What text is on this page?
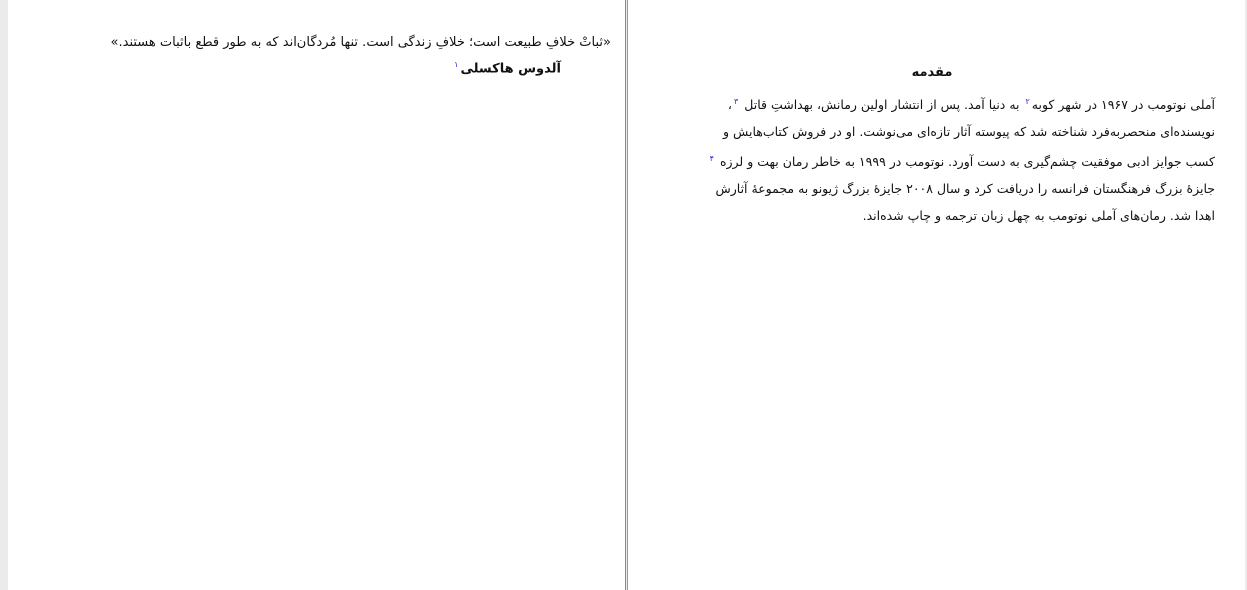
«ثباتْ خلافِ طبیعت است؛ خلافِ زندگی است. تنها مُردگان‌اند که به طور قطع باثبات هستند.»

آلدوس هاکسلی$^۱$

مقدمه

آملی نوتومب در ۱۹۶۷ در شهر کوبه$^۲$ به دنیا آمد. پس از انتشار اولین رمانش، بهداشتِ قاتل $^۳$،
نویسنده‌ای منحصربه‌فرد شناخته شد که پیوسته آثار تازه‌ای می‌نوشت. او در فروش کتاب‌هایش و
کسب جوایز ادبی موفقیت چشم‌گیری به دست آورد. نوتومب در ۱۹۹۹ به خاطر رمان بهت و لرزه $^۴$
جایزهٔ بزرگ فرهنگستان فرانسه را دریافت کرد و سال ۲۰۰۸ جایزهٔ بزرگ ژیونو به مجموعهٔ آثارش
اهدا شد. رمان‌های آملی نوتومب به چهل زبان ترجمه و چاپ شده‌اند.
